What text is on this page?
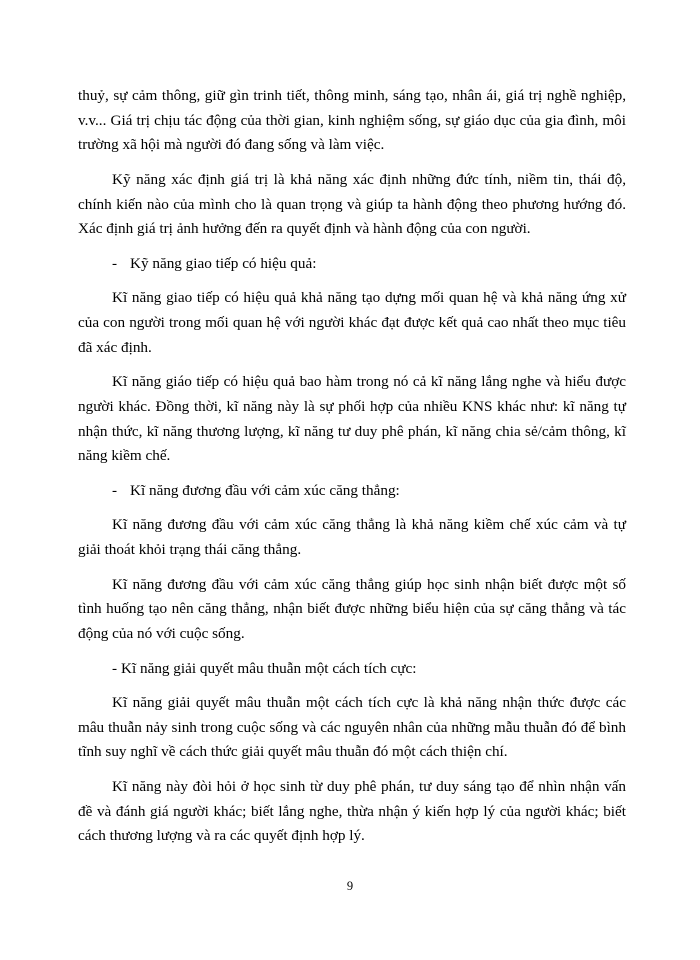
thuỷ, sự cảm thông, giữ gìn trinh tiết, thông minh, sáng tạo, nhân ái, giá trị nghề nghiệp, v.v... Giá trị chịu tác động của thời gian, kinh nghiệm sống, sự giáo dục của gia đình, môi trường xã hội mà người đó đang sống và làm việc.

Kỹ năng xác định giá trị là khả năng xác định những đức tính, niềm tin, thái độ, chính kiến nào của mình cho là quan trọng và giúp ta hành động theo phương hướng đó. Xác định giá trị ảnh hưởng đến ra quyết định và hành động của con người.

- Kỹ năng giao tiếp có hiệu quả:

Kĩ năng giao tiếp có hiệu quả khả năng tạo dựng mối quan hệ và khả năng ứng xử của con người trong mối quan hệ với người khác đạt được kết quả cao nhất theo mục tiêu đã xác định.

Kĩ năng giáo tiếp có hiệu quả bao hàm trong nó cả kĩ năng lắng nghe và hiểu được người khác. Đồng thời, kĩ năng này là sự phối hợp của nhiều KNS khác như: kĩ năng tự nhận thức, kĩ năng thương lượng, kĩ năng tư duy phê phán, kĩ năng chia sẻ/cảm thông, kĩ năng kiềm chế.

- Kĩ năng đương đầu với cảm xúc căng thẳng:

Kĩ năng đương đầu với cảm xúc căng thẳng là khả năng kiềm chế xúc cảm và tự giải thoát khỏi trạng thái căng thẳng.

Kĩ năng đương đầu với cảm xúc căng thẳng giúp học sinh nhận biết được một số tình huống tạo nên căng thẳng, nhận biết được những biểu hiện của sự căng thẳng và tác động của nó với cuộc sống.

- Kĩ năng giải quyết mâu thuẫn một cách tích cực:

Kĩ năng giải quyết mâu thuẫn một cách tích cực là khả năng nhận thức được các mâu thuẫn nảy sinh trong cuộc sống và các nguyên nhân của những mẫu thuẫn đó để bình tĩnh suy nghĩ về cách thức giải quyết mâu thuẫn đó một cách thiện chí.

Kĩ năng này đòi hỏi ở học sinh từ duy phê phán, tư duy sáng tạo để nhìn nhận vấn đề và đánh giá người khác; biết lắng nghe, thừa nhận ý kiến hợp lý của người khác; biết cách thương lượng và ra các quyết định hợp lý.

9
